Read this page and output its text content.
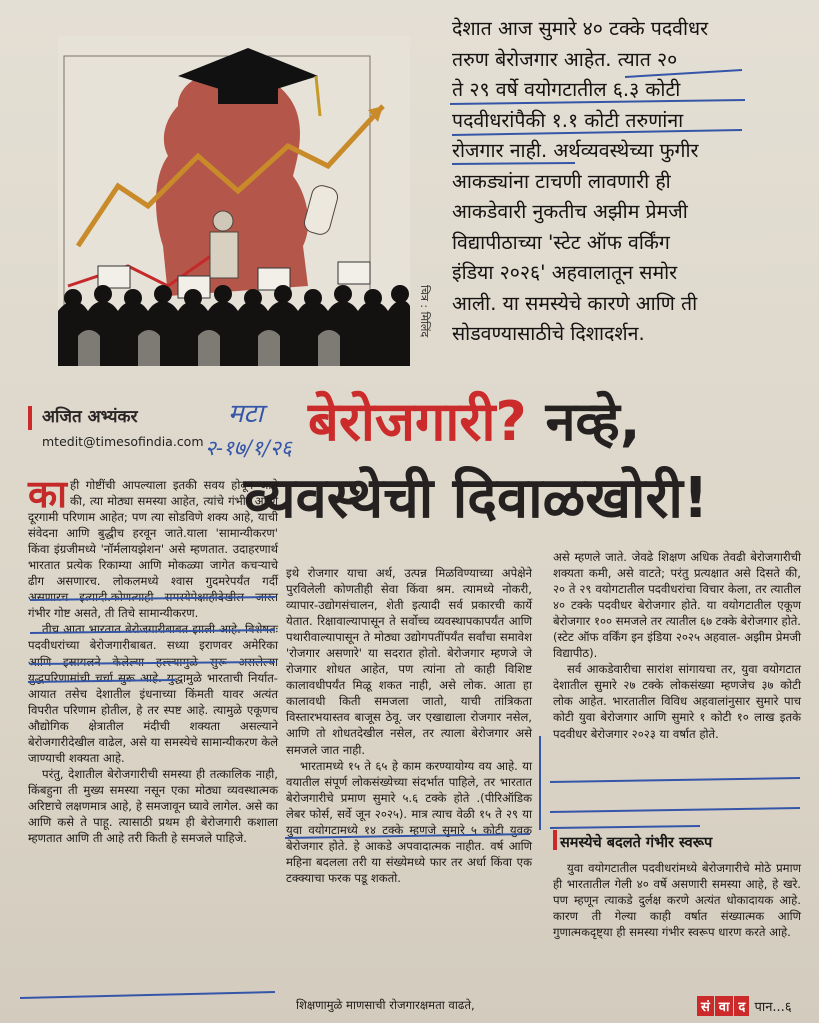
चित्र : मिलिंद
देशात आज सुमारे ४० टक्के पदवीधर
तरुण बेरोजगार आहेत. त्यात २०
ते २९ वर्षे वयोगटातील ६.३ कोटी
पदवीधरांपैकी १.१ कोटी तरुणांना
रोजगार नाही. अर्थव्यवस्थेच्या फुगीर
आकड्यांना टाचणी लावणारी ही
आकडेवारी नुकतीच अझीम प्रेमजी
विद्यापीठाच्या 'स्टेट ऑफ वर्किंग
इंडिया २०२६' अहवालातून समोर
आली. या समस्येचे कारणे आणि ती
सोडवण्यासाठीचे दिशादर्शन.
अजित अभ्यंकर
mtedit@timesofindia.com
मटा
२-१७/१/२६ बेरोजगारी? नव्हे,
व्यवस्थेची दिवाळखोरी!

काही गोष्टींची आपल्याला इतकी सवय होवून जाते की, त्या मोठ्या समस्या आहेत, त्यांचे गंभीर आणि दूरगामी परिणाम आहेत; पण त्या सोडविणे शक्य आहे, याची संवेदना आणि बुद्धीच हरवून जाते.याला 'सामान्यीकरण' किंवा इंग्रजीमध्ये 'नॉर्मलायझेशन' असे म्हणतात. उदाहरणार्थ भारतात प्रत्येक रिकाम्या आणि मोकळ्या जागेत कचऱ्याचे ढीग असणारच. लोकलमध्ये श्वास गुदमरेपर्यंत गर्दी असणारच इत्यादी.कोणत्याही समस्येपेक्षाहीदेखील जास्त गंभीर गोष्ट असते, ती तिचे सामान्यीकरण.

तीच आता भारतात बेरोजगारीबाबत झाली आहे. विशेषतः पदवीधरांच्या बेरोजगारीबाबत. सध्या इराणवर अमेरिका आणि इस्रायलने केलेल्या हल्ल्यामुळे सुरू असलेल्या युद्धपरिणामांची चर्चा सुरू आहे. युद्धामुळे भारताची निर्यात-आयात तसेच देशातील इंधनाच्या किंमती यावर अत्यंत विपरीत परिणाम होतील, हे तर स्पष्ट आहे. त्यामुळे एकूणच औद्योगिक क्षेत्रातील मंदीची शक्यता असल्याने बेरोजगारीदेखील वाढेल, असे या समस्येचे सामान्यीकरण केले जाण्याची शक्यता आहे.

परंतु, देशातील बेरोजगारीची समस्या ही तत्कालिक नाही, किंबहुना ती मुख्य समस्या नसून एका मोठ्या व्यवस्थात्मक अरिष्टाचे लक्षणमात्र आहे, हे समजावून घ्यावे लागेल. असे का आणि कसे ते पाहू. त्यासाठी प्रथम ही बेरोजगारी कशाला म्हणतात आणि ती आहे तरी किती हे समजले पाहिजे.

इथे रोजगार याचा अर्थ, उत्पन्न मिळविण्याच्या अपेक्षेने पुरविलेली कोणतीही सेवा किंवा श्रम. त्यामध्ये नोकरी, व्यापार-उद्योगसंचालन, शेती इत्यादी सर्व प्रकारची कार्ये येतात. रिक्षावाल्यापासून ते सर्वोच्च व्यवस्थापकापर्यंत आणि पथारीवाल्यापासून ते मोठ्या उद्योगपतींपर्यंत सर्वांचा समावेश 'रोजगार असणारे' या सदरात होतो. बेरोजगार म्हणजे जे रोजगार शोधत आहेत, पण त्यांना तो काही विशिष्ट कालावधीपर्यंत मिळू शकत नाही, असे लोक. आता हा कालावधी किती समजला जातो, याची तांत्रिकता विस्तारभयास्तव बाजूस ठेवू. जर एखाद्याला रोजगार नसेल, आणि तो शोधतदेखील नसेल, तर त्याला बेरोजगार असे समजले जात नाही.

भारतामध्ये १५ ते ६५ हे काम करण्यायोग्य वय आहे. या वयातील संपूर्ण लोकसंख्येच्या संदर्भात पाहिले, तर भारतात बेरोजगारीचे प्रमाण सुमारे ५.६ टक्के होते .(पीरिऑडिक लेबर फोर्स, सर्वे जून २०२५). मात्र त्याच वेळी १५ ते २९ या युवा वयोगटामध्ये १४ टक्के म्हणजे सुमारे ५ कोटी युवक बेरोजगार होते. हे आकडे अपवादात्मक नाहीत. वर्ष आणि महिना बदलला तरी या संख्येमध्ये फार तर अर्धा किंवा एक टक्क्याचा फरक पडू शकतो.

शिक्षणामुळे माणसाची रोजगारक्षमता वाढते,

असे म्हणले जाते. जेवढे शिक्षण अधिक तेवढी बेरोजगारीची शक्यता कमी, असे वाटते; परंतु प्रत्यक्षात असे दिसते की, २० ते २९ वयोगटातील पदवीधरांचा विचार केला, तर त्यातील ४० टक्के पदवीधर बेरोजगार होते. या वयोगटातील एकूण बेरोजगार १०० समजले तर त्यातील ६७ टक्के बेरोजगार होते. (स्टेट ऑफ वर्किंग इन इंडिया २०२५ अहवाल- अझीम प्रेमजी विद्यापीठ).

सर्व आकडेवारीचा सारांश सांगायचा तर, युवा वयोगटात देशातील सुमारे २७ टक्के लोकसंख्या म्हणजेच ३७ कोटी लोक आहेत. भारतातील विविध अहवालांनुसार सुमारे पाच कोटी युवा बेरोजगार आणि सुमारे १ कोटी १० लाख इतके पदवीधर बेरोजगार २०२३ या वर्षात होते.

समस्येचे बदलते गंभीर स्वरूप
युवा वयोगटातील पदवीधरांमध्ये बेरोजगारीचे मोठे प्रमाण ही भारतातील गेली ४० वर्षे असणारी समस्या आहे, हे खरे. पण म्हणून त्याकडे दुर्लक्ष करणे अत्यंत धोकादायक आहे. कारण ती गेल्या काही वर्षात संख्यात्मक आणि गुणात्मकदृष्ट्या ही समस्या गंभीर स्वरूप धारण करते आहे.
सं वा द पान...६
